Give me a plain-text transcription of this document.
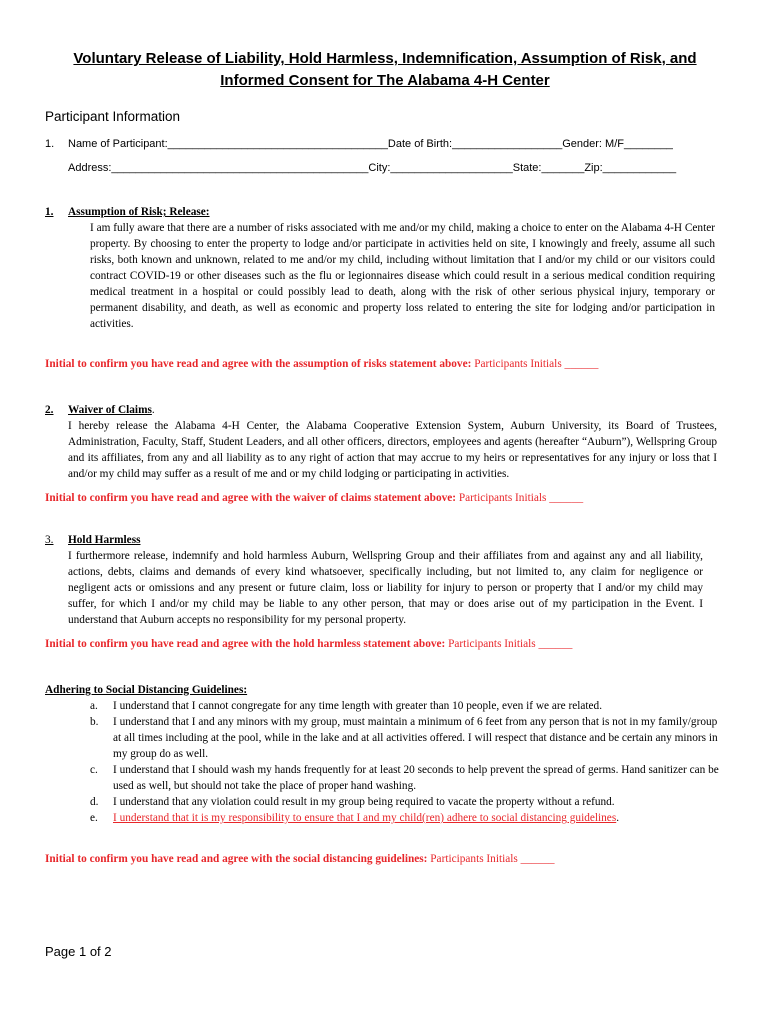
Voluntary Release of Liability, Hold Harmless, Indemnification, Assumption of Risk, and
Informed Consent for The Alabama 4-H Center
Participant Information
1. Name of Participant:____________________________________Date of Birth:__________________Gender: M/F________
Address:__________________________________________City:____________________State:_______Zip:____________
1. Assumption of Risk; Release:
I am fully aware that there are a number of risks associated with me and/or my child, making a choice to enter on the Alabama 4-H Center property. By choosing to enter the property to lodge and/or participate in activities held on site, I knowingly and freely, assume all such risks, both known and unknown, related to me and/or my child, including without limitation that I and/or my child or our visitors could contract COVID-19 or other diseases such as the flu or legionnaires disease which could result in a serious medical condition requiring medical treatment in a hospital or could possibly lead to death, along with the risk of other serious physical injury, temporary or permanent disability, and death, as well as economic and property loss related to entering the site for lodging and/or participation in activities.
Initial to confirm you have read and agree with the assumption of risks statement above: Participants Initials ______
2. Waiver of Claims.
I hereby release the Alabama 4-H Center, the Alabama Cooperative Extension System, Auburn University, its Board of Trustees, Administration, Faculty, Staff, Student Leaders, and all other officers, directors, employees and agents (hereafter “Auburn”), Wellspring Group and its affiliates, from any and all liability as to any right of action that may accrue to my heirs or representatives for any injury or loss that I and/or my child may suffer as a result of me and or my child lodging or participating in activities.
Initial to confirm you have read and agree with the waiver of claims statement above: Participants Initials ______
3. Hold Harmless
I furthermore release, indemnify and hold harmless Auburn, Wellspring Group and their affiliates from and against any and all liability, actions, debts, claims and demands of every kind whatsoever, specifically including, but not limited to, any claim for negligence or negligent acts or omissions and any present or future claim, loss or liability for injury to person or property that I and/or my child may suffer, for which I and/or my child may be liable to any other person, that may or does arise out of my participation in the Event. I understand that Auburn accepts no responsibility for my personal property.
Initial to confirm you have read and agree with the hold harmless statement above: Participants Initials ______
Adhering to Social Distancing Guidelines:
a.	I understand that I cannot congregate for any time length with greater than 10 people, even if we are related.
b.	I understand that I and any minors with my group, must maintain a minimum of 6 feet from any person that is not in my family/group at all times including at the pool, while in the lake and at all activities offered. I will respect that distance and be certain any minors in my group do as well.
c.	I understand that I should wash my hands frequently for at least 20 seconds to help prevent the spread of germs. Hand sanitizer can be used as well, but should not take the place of proper hand washing.
d.	I understand that any violation could result in my group being required to vacate the property without a refund.
e.	I understand that it is my responsibility to ensure that I and my child(ren) adhere to social distancing guidelines.
Initial to confirm you have read and agree with the social distancing guidelines: Participants Initials ______
Page 1 of 2
